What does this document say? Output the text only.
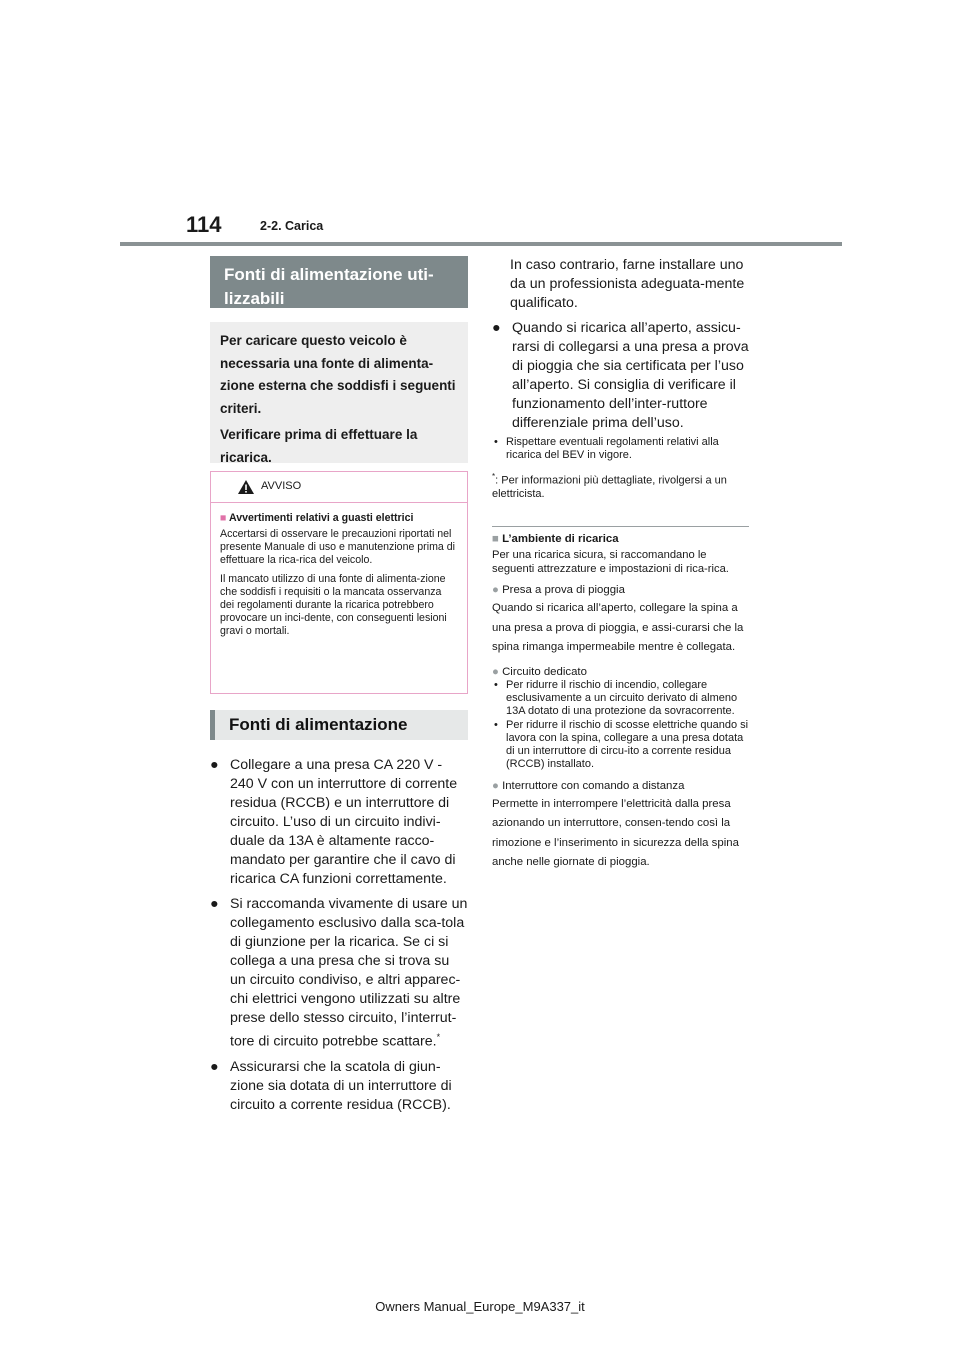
114	2-2. Carica
Fonti di alimentazione uti-lizzabili

Per caricare questo veicolo è necessaria una fonte di alimenta-zione esterna che soddisfi i seguenti criteri.

Verificare prima di effettuare la ricarica.

AVVISO
■ Avvertimenti relativi a guasti elettrici

Accertarsi di osservare le precauzioni riportati nel presente Manuale di uso e manutenzione prima di effettuare la rica-rica del veicolo.

Il mancato utilizzo di una fonte di alimenta-zione che soddisfi i requisiti o la mancata osservanza dei regolamenti durante la ricarica potrebbero provocare un inci-dente, con conseguenti lesioni gravi o mortali.

Fonti di alimentazione
● Collegare a una presa CA 220 V - 240 V con un interruttore di corrente residua (RCCB) e un interruttore di circuito. L’uso di un circuito indivi-duale da 13A è altamente racco-mandato per garantire che il cavo di ricarica CA funzioni correttamente.
● Si raccomanda vivamente di usare un collegamento esclusivo dalla sca-tola di giunzione per la ricarica. Se ci si collega a una presa che si trova su un circuito condiviso, e altri apparec-chi elettrici vengono utilizzati su altre prese dello stesso circuito, l’interrut-tore di circuito potrebbe scattare.*
● Assicurarsi che la scatola di giun-zione sia dotata di un interruttore di circuito a corrente residua (RCCB).
In caso contrario, farne installare uno da un professionista adeguata-mente qualificato.
● Quando si ricarica all’aperto, assicu-rarsi di collegarsi a una presa a prova di pioggia che sia certificata per l’uso all’aperto. Si consiglia di verificare il funzionamento dell’inter-ruttore differenziale prima dell’uso.
• Rispettare eventuali regolamenti relativi alla ricarica del BEV in vigore.
*: Per informazioni più dettagliate, rivolgersi a un elettricista.
■ L’ambiente di ricarica
Per una ricarica sicura, si raccomandano le seguenti attrezzature e impostazioni di rica-rica.
● Presa a prova di pioggia
Quando si ricarica all’aperto, collegare la spina a una presa a prova di pioggia, e assi-curarsi che la spina rimanga impermeabile mentre è collegata.
● Circuito dedicato
• Per ridurre il rischio di incendio, collegare esclusivamente a un circuito derivato di almeno 13A dotato di una protezione da sovracorrente.
• Per ridurre il rischio di scosse elettriche quando si lavora con la spina, collegare a una presa dotata di un interruttore di circu-ito a corrente residua (RCCB) installato.
● Interruttore con comando a distanza
Permette in interrompere l’elettricità dalla presa azionando un interruttore, consen-tendo così la rimozione e l’inserimento in sicurezza della spina anche nelle giornate di pioggia.
Owners Manual_Europe_M9A337_it
